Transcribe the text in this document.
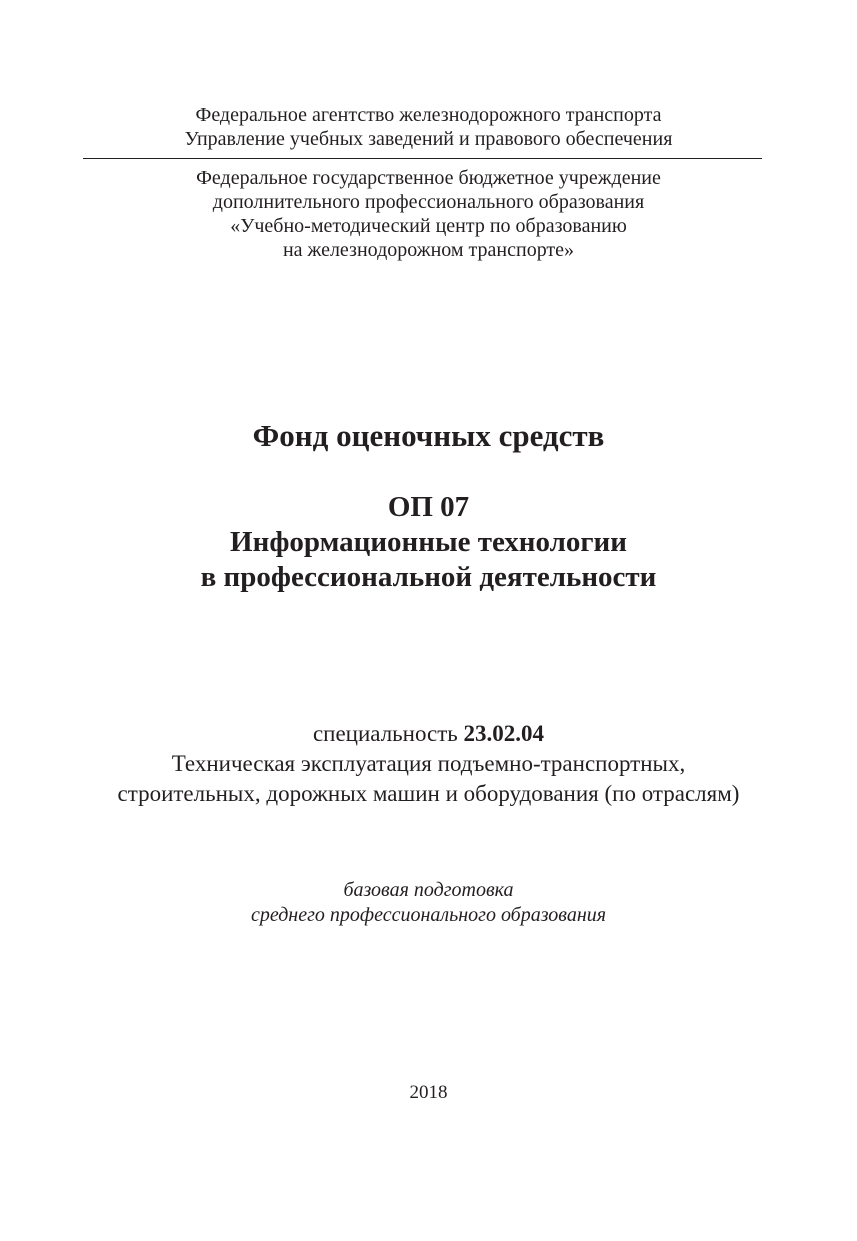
Федеральное агентство железнодорожного транспорта
Управление учебных заведений и правового обеспечения
Федеральное государственное бюджетное учреждение
дополнительного профессионального образования
«Учебно-методический центр по образованию
на железнодорожном транспорте»
Фонд оценочных средств
ОП 07
Информационные технологии
в профессиональной деятельности
специальность 23.02.04
Техническая эксплуатация подъемно-транспортных,
строительных, дорожных машин и оборудования (по отраслям)
базовая подготовка
среднего профессионального образования
2018
